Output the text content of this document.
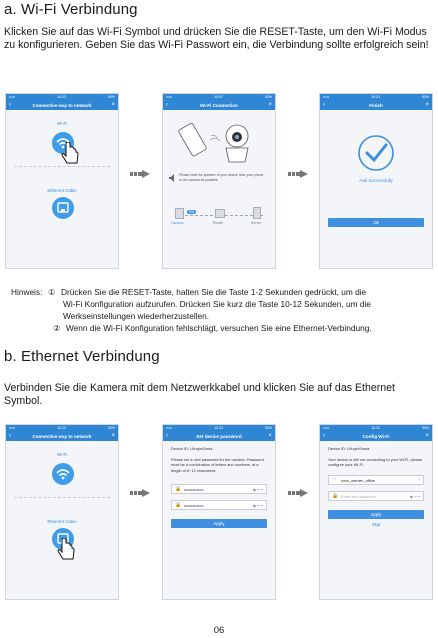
a. Wi-Fi Verbindung
Klicken Sie auf das Wi-Fi Symbol und drücken Sie die RESET-Taste, um den Wi-Fi Modus zu konfigurieren. Geben Sie das Wi-Fi Passwort ein, die Verbindung sollte erfolgreich sein!
•••••	10:23	54%
‹	Connective way to network	×
Wi-Fi
Ethernet Cable
•••••	10:57	53%
‹	Wi-Fi Connection	×
Please twist the speaker of your device near your phone to the camera as possible
3%
Camera	Router	Server
•••••	10:23	53%
‹	Finish	×
Add Successfully
Ok
Hinweis: ① Drücken Sie die RESET-Taste, halten Sie die Taste 1-2 Sekunden gedrückt, um die
Wi-Fi Konfiguration aufzurufen. Drücken Sie kurz die Taste 10-12 Sekunden, um die
Werkseinstellungen wiederherzustellen.
② Wenn die Wi-Fi Konfiguration fehlschlägt, versuchen Sie eine Ethernet-Verbindung.
b. Ethernet Verbindung
Verbinden Sie die Kamera mit dem Netzwerkkabel und klicken Sie auf das Ethernet Symbol.
•••••	10:23	54%
‹	Connective way to network	×
Wi-Fi
Ethernet Cable
•••••	10:23	53%
‹	Set device password	×
Device ID: LIfuqhrSoma
Please set a new password for the camera. Password must be a combination of letters and numbers, at a length of 6~12 characters.
🔒 ••••••••••••••	◉ ⟷
🔒 ••••••••••••••	◉ ⟷
Apply
•••••	10:23	53%
‹	Config Wi-Fi	×
Device ID: LIfuqhrSoma
Your device is still not connecting to your Wi-Fi, please configure your Wi-Fi.
◠ xxxx_wenter_office	›
🔒 Enter the password	◉ ⟷
Apply
Skip
06
